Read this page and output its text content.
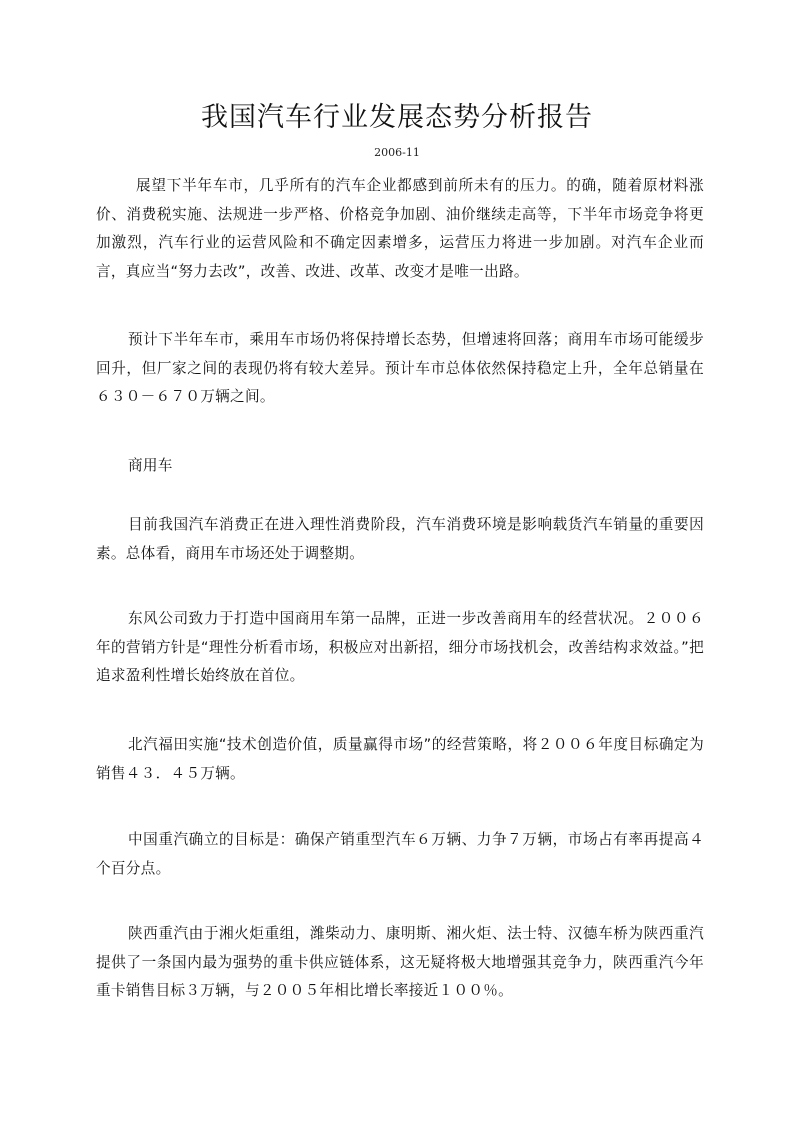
我国汽车行业发展态势分析报告
2006-11

展望下半年车市，几乎所有的汽车企业都感到前所未有的压力。的确，随着原材料涨价、消费税实施、法规进一步严格、价格竞争加剧、油价继续走高等，下半年市场竞争将更加激烈，汽车行业的运营风险和不确定因素增多，运营压力将进一步加剧。对汽车企业而言，真应当“努力去改”，改善、改进、改革、改变才是唯一出路。

预计下半年车市，乘用车市场仍将保持增长态势，但增速将回落；商用车市场可能缓步回升，但厂家之间的表现仍将有较大差异。预计车市总体依然保持稳定上升，全年总销量在６３０－６７０万辆之间。

商用车

目前我国汽车消费正在进入理性消费阶段，汽车消费环境是影响载货汽车销量的重要因素。总体看，商用车市场还处于调整期。

东风公司致力于打造中国商用车第一品牌，正进一步改善商用车的经营状况。２００６年的营销方针是“理性分析看市场，积极应对出新招，细分市场找机会，改善结构求效益。”把追求盈利性增长始终放在首位。

北汽福田实施“技术创造价值，质量赢得市场”的经营策略，将２００６年度目标确定为销售４３．４５万辆。

中国重汽确立的目标是：确保产销重型汽车６万辆、力争７万辆，市场占有率再提高４个百分点。

陕西重汽由于湘火炬重组，潍柴动力、康明斯、湘火炬、法士特、汉德车桥为陕西重汽提供了一条国内最为强势的重卡供应链体系，这无疑将极大地增强其竞争力，陕西重汽今年重卡销售目标３万辆，与２００５年相比增长率接近１００％。
